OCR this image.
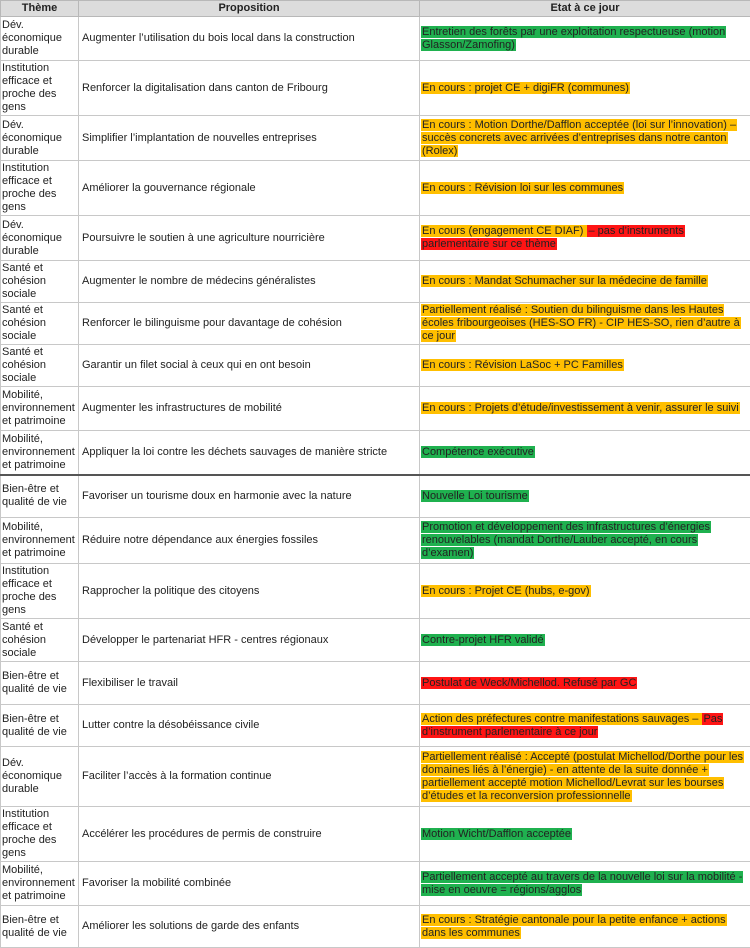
Thème	Proposition	Etat à ce jour
Dév. économique durable	Augmenter l’utilisation du bois local dans la construction	Entretien des forêts par une exploitation respectueuse (motion Glasson/Zamofing)
Institution efficace et proche des gens	Renforcer la digitalisation dans canton de Fribourg	En cours : projet CE + digiFR (communes)
Dév. économique durable	Simplifier l’implantation de nouvelles entreprises	En cours : Motion Dorthe/Dafflon acceptée (loi sur l’innovation) – succès concrets avec arrivées d’entreprises dans notre canton (Rolex)
Institution efficace et proche des gens	Améliorer la gouvernance régionale	En cours : Révision loi sur les communes
Dév. économique durable	Poursuivre le soutien à une agriculture nourricière	En cours (engagement CE DIAF) – pas d’instruments parlementaire sur ce thème
Santé et cohésion sociale	Augmenter le nombre de médecins généralistes	En cours : Mandat Schumacher sur la médecine de famille
Santé et cohésion sociale	Renforcer le bilinguisme pour davantage de cohésion	Partiellement réalisé : Soutien du bilinguisme dans les Hautes écoles fribourgeoises (HES-SO FR) - CIP HES-SO, rien d’autre à ce jour
Santé et cohésion sociale	Garantir un filet social à ceux qui en ont besoin	En cours : Révision LaSoc + PC Familles
Mobilité, environnement et patrimoine	Augmenter les infrastructures de mobilité	En cours : Projets d’étude/investissement à venir, assurer le suivi
Mobilité, environnement et patrimoine	Appliquer la loi contre les déchets sauvages de manière stricte	Compétence exécutive
Bien-être et qualité de vie	Favoriser un tourisme doux en harmonie avec la nature	Nouvelle Loi tourisme
Mobilité, environnement et patrimoine	Réduire notre dépendance aux énergies fossiles	Promotion et développement des infrastructures d’énergies renouvelables (mandat Dorthe/Lauber accepté, en cours d’examen)
Institution efficace et proche des gens	Rapprocher la politique des citoyens	En cours : Projet CE (hubs, e-gov)
Santé et cohésion sociale	Développer le partenariat HFR - centres régionaux	Contre-projet HFR validé
Bien-être et qualité de vie	Flexibiliser le travail	Postulat de Weck/Michellod. Refusé par GC
Bien-être et qualité de vie	Lutter contre la désobéissance civile	Action des préfectures contre manifestations sauvages – Pas d’instrument parlementaire à ce jour
Dév. économique durable	Faciliter l’accès à la formation continue	Partiellement réalisé : Accepté (postulat Michellod/Dorthe pour les domaines liés à l’énergie) - en attente de la suite donnée + partiellement accepté motion Michellod/Levrat sur les bourses d’études et la reconversion professionnelle
Institution efficace et proche des gens	Accélérer les procédures de permis de construire	Motion Wicht/Dafflon acceptée
Mobilité, environnement et patrimoine	Favoriser la mobilité combinée	Partiellement accepté au travers de la nouvelle loi sur la mobilité - mise en oeuvre = régions/agglos
Bien-être et qualité de vie	Améliorer les solutions de garde des enfants	En cours : Stratégie cantonale pour la petite enfance + actions dans les communes
